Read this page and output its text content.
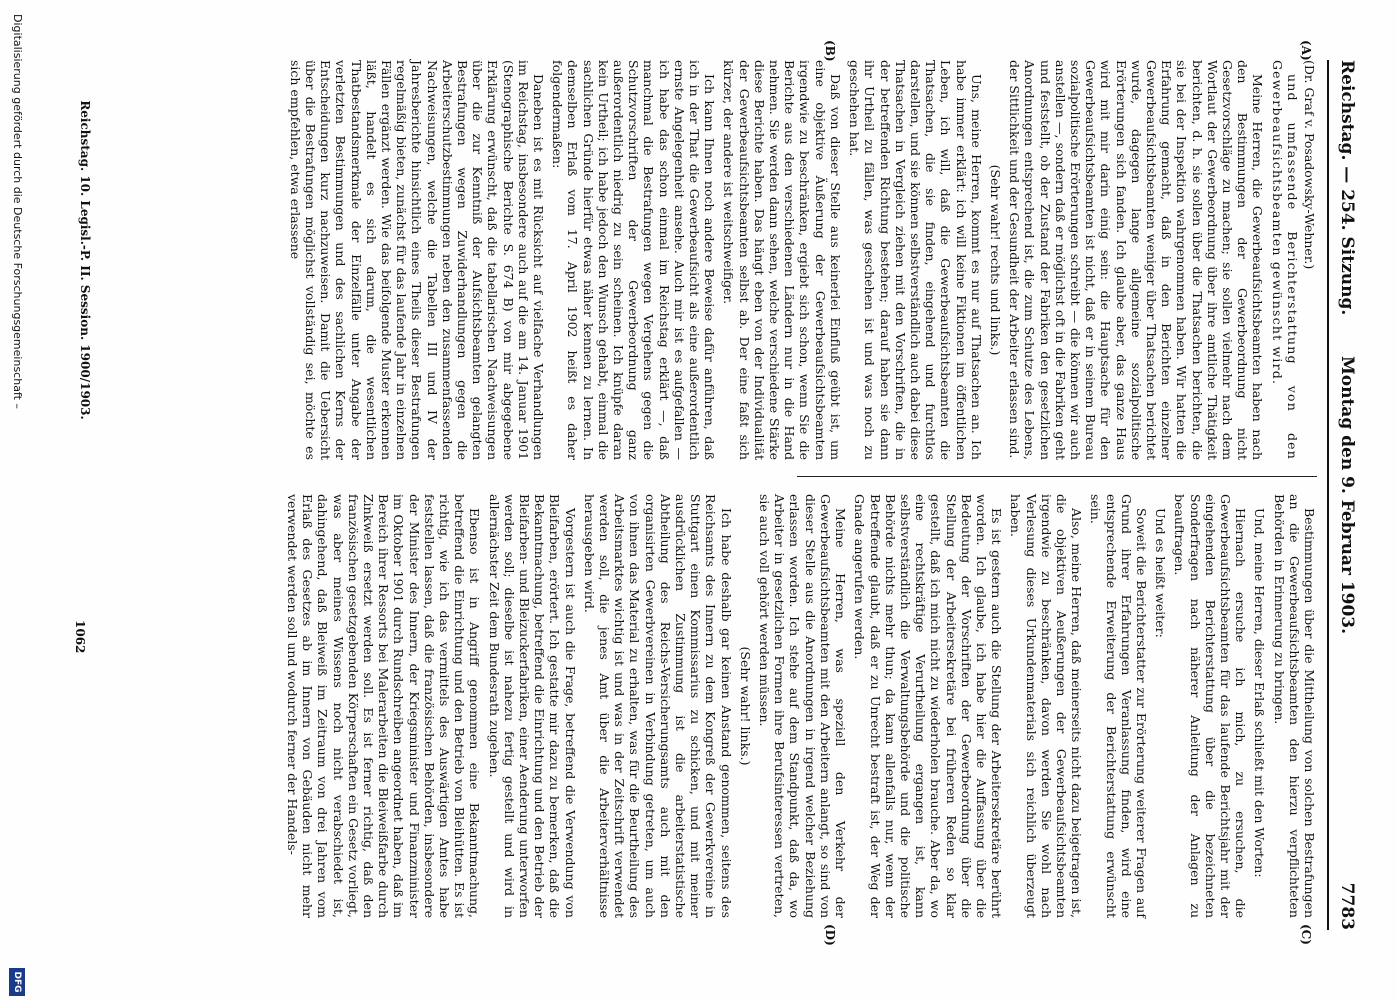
Reichstag. — 254. Sitzung.
Montag den 9. Februar 1903.
7783
(A)
(B)
(C)
(D)

(Dr. Graf v. Posadowsky-Wehner.)

und umfassende Berichterstattung von den Gewerbeaufsichtsbeamten gewünscht wird.

Meine Herren, die Gewerbeaufsichtsbeamten haben nach den Bestimmungen der Gewerbeordnung nicht Gesetzvorschläge zu machen; sie sollen vielmehr nach dem Wortlaut der Gewerbeordnung über ihre amtliche Thätigkeit berichten, d. h. sie sollen über die Thatsachen berichten, die sie bei der Inspektion wahrgenommen haben. Wir hatten die Erfahrung gemacht, daß in den Berichten einzelner Gewerbeaufsichtsbeamten weniger über Thatsachen berichtet wurde, dagegen lange allgemeine sozialpolitische Erörterungen sich fanden. Ich glaube aber, das ganze Haus wird mit mir darin einig sein: die Hauptsache für den Gewerbeaufsichtsbeamten ist nicht, daß er in seinem Bureau sozialpolitische Erörterungen schreibt — die können wir auch anstellen —, sondern daß er möglichst oft in die Fabriken geht und feststellt, ob der Zustand der Fabriken den gesetzlichen Anordnungen entsprechend ist, die zum Schutze des Lebens, der Sittlichkeit und der Gesundheit der Arbeiter erlassen sind.

(Sehr wahr! rechts und links.)

Uns, meine Herren, kommt es nur auf Thatsachen an. Ich habe immer erklärt: ich will keine Fiktionen im öffentlichen Leben, ich will, daß die Gewerbeaufsichtsbeamten die Thatsachen, die sie finden, eingehend und furchtlos darstellen, und sie können selbstverständlich auch dabei diese Thatsachen in Vergleich ziehen mit den Vorschriften, die in der betreffenden Richtung bestehen; darauf haben sie dann ihr Urtheil zu fällen, was geschehen ist und was noch zu geschehen hat.

Daß von dieser Stelle aus keinerlei Einfluß geübt ist, um eine objektive Äußerung der Gewerbeaufsichtsbeamten irgendwie zu beschränken, ergiebt sich schon, wenn Sie die Berichte aus den verschiedenen Ländern nur in die Hand nehmen. Sie werden dann sehen, welche verschiedene Stärke diese Berichte haben. Das hängt eben von der Individualität der Gewerbeaufsichtsbeamten selbst ab. Der eine faßt sich kürzer, der andere ist weitschweifiger.

Ich kann Ihnen noch andere Beweise dafür anführen, daß ich in der That die Gewerbeaufsicht als eine außerordentlich ernste Angelegenheit ansehe. Auch mir ist es aufgefallen — ich habe das schon einmal im Reichstag erklärt —, daß manchmal die Bestrafungen wegen Vergehens gegen die Schutzvorschriften der Gewerbeordnung ganz außerordentlich niedrig zu sein scheinen. Ich knüpfe daran kein Urtheil; ich habe jedoch den Wunsch gehabt, einmal die sachlichen Gründe hierfür etwas näher kennen zu lernen. In demselben Erlaß vom 17. April 1902 heißt es daher folgendermaßen:

Daneben ist es mit Rücksicht auf vielfache Verhandlungen im Reichstag, insbesondere auch auf die am 14. Januar 1901 (Stenographische Berichte S. 674 B) von mir abgegebene Erklärung erwünscht, daß die tabellarischen Nachweisungen über die zur Kenntniß der Aufsichtsbeamten gelangten Bestrafungen wegen Zuwiderhandlungen gegen die Arbeiterschutzbestimmungen neben den zusammenfassenden Nachweisungen, welche die Tabellen III und IV der Jahresberichte hinsichtlich eines Theils dieser Bestrafungen regelmäßig bieten, zunächst für das laufende Jahr in einzelnen Fällen ergänzt werden. Wie das beifolgende Muster erkennen läßt, handelt es sich darum, die wesentlichen Thatbestandsmerkmale der Einzelfälle unter Angabe der verletzten Bestimmungen und des sachlichen Kerns der Entscheidungen kurz nachzuweisen. Damit die Uebersicht über die Bestrafungen möglichst vollständig sei, möchte es sich empfehlen, etwa erlassene

Bestimmungen über die Mittheilung von solchen Bestrafungen an die Gewerbeaufsichtsbeamten den hierzu verpflichteten Behörden in Erinnerung zu bringen.

Und, meine Herren, dieser Erlaß schließt mit den Worten:

Hiernach ersuche ich mich, zu ersuchen, die Gewerbeaufsichtsbeamten für das laufende Berichtsjahr mit der eingehenden Berichterstattung über die bezeichneten Sonderfragen nach näherer Anleitung der Anlagen zu beauftragen.

Und es heißt weiter:

Soweit die Berichterstatter zur Erörterung weiterer Fragen auf Grund ihrer Erfahrungen Veranlassung finden, wird eine entsprechende Erweiterung der Berichterstattung erwünscht sein.

Also, meine Herren, daß meinerseits nicht dazu beigetragen ist, die objektiven Aeußerungen der Gewerbeaufsichtsbeamten irgendwie zu beschränken, davon werden Sie wohl nach Verlesung dieses Urkundenmaterials sich reichlich überzeugt haben.

Es ist gestern auch die Stellung der Arbeitersekretäre berührt worden. Ich glaube, ich habe hier die Auffassung über die Bedeutung der Vorschriften der Gewerbeordnung über die Stellung der Arbeitersekretäre bei früheren Reden so klar gestellt, daß ich mich nicht zu wiederholen brauche. Aber da, wo eine rechtskräftige Verurtheilung ergangen ist, kann selbstverständlich die Verwaltungsbehörde und die politische Behörde nichts mehr thun; da kann allenfalls nur, wenn der Betreffende glaubt, daß er zu Unrecht bestraft ist, der Weg der Gnade angerufen werden.

Meine Herren, was speziell den Verkehr der Gewerbeaufsichtsbeamten mit den Arbeitern anlangt, so sind von dieser Stelle aus die Anordnungen in irgend welcher Beziehung erlassen worden. Ich stehe auf dem Standpunkt, daß da, wo Arbeiter in gesetzlichen Formen ihre Berufsinteressen vertreten, sie auch voll gehört werden müssen.

(Sehr wahr! links.)

Ich habe deshalb gar keinen Anstand genommen, seitens des Reichsamts des Innern zu dem Kongreß der Gewerkvereine in Stuttgart einen Kommissarius zu schicken, und mit meiner ausdrücklichen Zustimmung ist die arbeiterstatistische Abtheilung des Reichs-Versicherungsamts auch mit den organisirten Gewerbvereinen in Verbindung getreten, um auch von ihnen das Material zu erhalten, was für die Beurtheilung des Arbeitsmarktes wichtig ist und was in der Zeitschrift verwendet werden soll, die jenes Amt über die Arbeiterverhältnisse herausgeben wird.

Vorgestern ist auch die Frage, betreffend die Verwendung von Bleifarben, erörtert. Ich gestatte mir dazu zu bemerken, daß die Bekanntmachung, betreffend die Einrichtung und den Betrieb der Bleifarben- und Bleizuckerfabriken, einer Aenderung unterworfen werden soll; dieselbe ist nahezu fertig gestellt und wird in allernächster Zeit dem Bundesrath zugehen.

Ebenso ist in Angriff genommen eine Bekanntmachung, betreffend die Einrichtung und den Betrieb von Bleihütten. Es ist richtig, wie ich das vermittels des Auswärtigen Amtes habe feststellen lassen, daß die französischen Behörden, insbesondere der Minister des Innern, der Kriegsminister und Finanzminister im Oktober 1901 durch Rundschreiben angeordnet haben, daß im Bereich ihrer Ressorts bei Malerarbeiten die Bleiweißfarbe durch Zinkweiß ersetzt werden soll. Es ist ferner richtig, daß den französischen gesetzgebenden Körperschaften ein Gesetz vorliegt, was aber meines Wissens noch nicht verabschiedet ist, dahingehend, daß Bleiweiß im Zeitraum von drei Jahren vom Erlaß des Gesetzes ab im Innern von Gebäuden nicht mehr verwendet werden soll und wodurch ferner der Handels-

Reichstag. 10. Legisl.-P. II. Session. 1900/1903.
1062
Digitalisierung gefördert durch die Deutsche Forschungsgemeinschaft –
DFG
